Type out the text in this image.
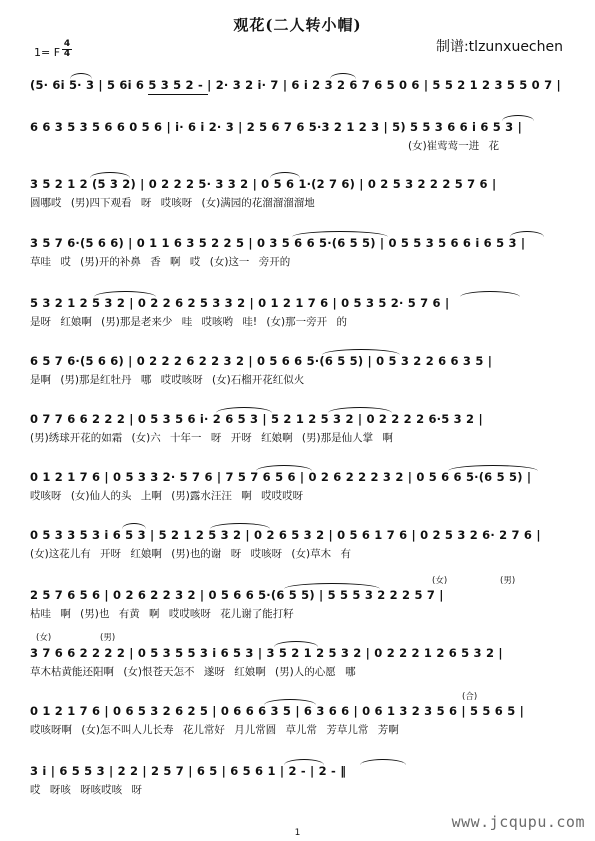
观花(二人转小帽)
1= F $\frac{4}{4}$	制谱:tlzunxuechen
(5· 6i 5· 3 | 5 6i 6 5 3 5 2 - | 2· 3 2 i· 7 | 6 i 2 3 2 6 7 6 5 0 6 | 5 5 2 1 2 3 5 5 0 7 |
6 6 3 5 3 5 6 6 0 5 6 | i· 6 i 2· 3 | 2 5 6 7 6 5·3 2 1 2 3 | 5) 5 5 3 6 6 i 6 5 3 |
(女)崔莺莺一进 花
3 5 2 1 2 (5 3 2) | 0 2 2 2 5· 3 3 2 | 0 5 6 1·(2 7 6) | 0 2 5 3 2 2 2 5 7 6 |
圆哪哎 (男)四下观看 呀 哎咳呀 (女)满园的花溜溜溜溜地
3 5 7 6·(5 6 6) | 0 1 1 6 3 5 2 2 5 | 0 3 5 6 6 5·(6 5 5) | 0 5 5 3 5 6 6 i 6 5 3 |
草哇 哎 (男)开的补鼻 香 啊 哎 (女)这一 旁开的
5 3 2 1 2 5 3 2 | 0 2 2 6 2 5 3 3 2 | 0 1 2 1 7 6 | 0 5 3 5 2· 5 7 6 |
是呀 红娘啊 (男)那是老来少 哇 哎咳哟 哇! (女)那一旁开 的
6 5 7 6·(5 6 6) | 0 2 2 2 6 2 2 3 2 | 0 5 6 6 5·(6 5 5) | 0 5 3 2 2 6 6 3 5 |
是啊 (男)那是红牡丹 哪 哎哎咳呀 (女)石榴开花红似火
0 7 7 6 6 2 2 2 | 0 5 3 5 6 i· 2 6 5 3 | 5 2 1 2 5 3 2 | 0 2 2 2 2 6·5 3 2 |
(男)绣球开花的如霜 (女)六 十年一 呀 开呀 红娘啊 (男)那是仙人掌 啊
0 1 2 1 7 6 | 0 5 3 3 2· 5 7 6 | 7 5 7 6 5 6 | 0 2 6 2 2 2 3 2 | 0 5 6 6 5·(6 5 5) |
哎咳呀 (女)仙人的头 上啊 (男)露水汪汪 啊 哎哎哎呀
0 5 3 3 5 3 i 6 5 3 | 5 2 1 2 5 3 2 | 0 2 6 5 3 2 | 0 5 6 1 7 6 | 0 2 5 3 2 6· 2 7 6 |
(女)这花儿有 开呀 红娘啊 (男)也的谢 呀 哎咳呀 (女)草木 有
2 5 7 6 5 6 | 0 2 6 2 2 3 2 | 0 5 6 6 5·(6 5 5) | 5 5 5 3 2 2 2 5 7 |
枯哇 啊 (男)也 有黄 啊 哎哎咳呀 花儿谢了能打籽
(女)	(男)
3 7 6 6 2 2 2 2 | 0 5 3 5 5 3 i 6 5 3 | 3 5 2 1 2 5 3 2 | 0 2 2 2 1 2 6 5 3 2 |
草木枯黄能还阳啊 (女)恨苍天怎不 遂呀 红娘啊 (男)人的心愿 哪
(女)	(男)
0 1 2 1 7 6 | 0 6 5 3 2 6 2 5 | 0 6 6 6 3 5 | 6 3 6 6 | 0 6 1 3 2 3 5 6 | 5 5 6 5 |
哎咳呀啊 (女)怎不叫人儿长寿 花儿常好 月儿常圆 草儿常 芳草儿常 芳啊
(合)
3 i | 6 5 5 3 | 2 2 | 2 5 7 | 6 5 | 6 5 6 1 | 2 - | 2 - ‖
哎 呀咳 呀咳哎咳 呀
1
www.jcqupu.com
